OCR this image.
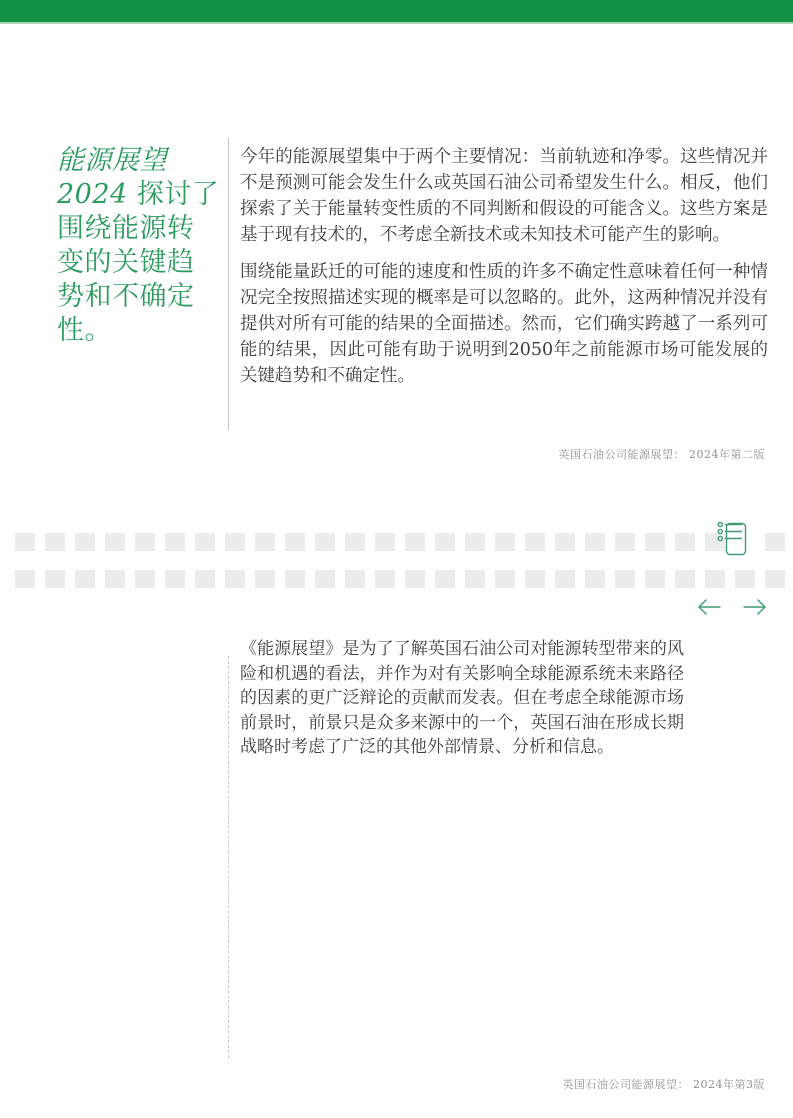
能源展望2024 探讨了围绕能源转变的关键趋势和不确定性。

今年的能源展望集中于两个主要情况：当前轨迹和净零。这些情况并不是预测可能会发生什么或英国石油公司希望发生什么。相反，他们探索了关于能量转变性质的不同判断和假设的可能含义。这些方案是基于现有技术的，不考虑全新技术或未知技术可能产生的影响。

围绕能量跃迁的可能的速度和性质的许多不确定性意味着任何一种情况完全按照描述实现的概率是可以忽略的。此外，这两种情况并没有提供对所有可能的结果的全面描述。然而，它们确实跨越了一系列可能的结果，因此可能有助于说明到2050年之前能源市场可能发展的关键趋势和不确定性。

英国石油公司能源展望： 2024年第二版

《能源展望》是为了了解英国石油公司对能源转型带来的风险和机遇的看法，并作为对有关影响全球能源系统未来路径的因素的更广泛辩论的贡献而发表。但在考虑全球能源市场前景时，前景只是众多来源中的一个，英国石油在形成长期战略时考虑了广泛的其他外部情景、分析和信息。

英国石油公司能源展望： 2024年第3版
